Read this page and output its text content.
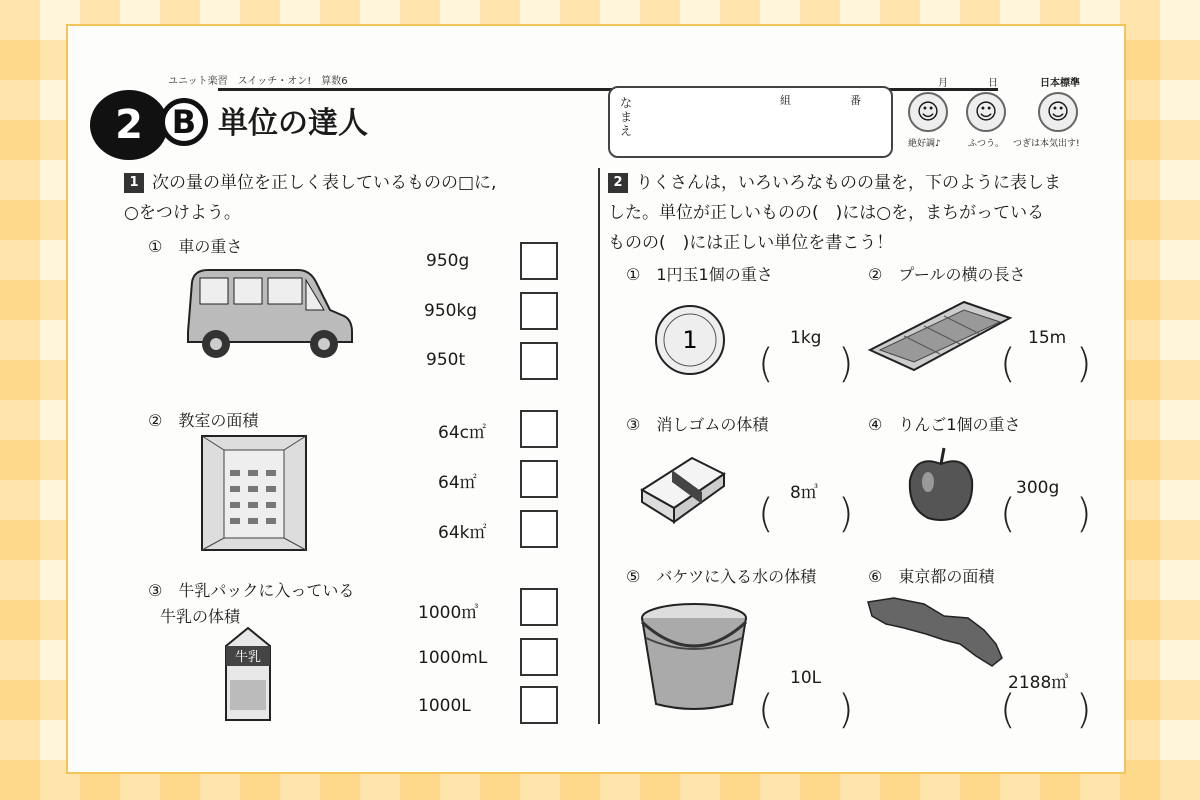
ユニット楽習　スイッチ・オン!　算数6
2 B 単位の達人
なまえ
組	番
月	日	日本標準
☺	☺	☺
絶好調♪	ふつう。 つぎは本気出す!
1 次の量の単位を正しく表しているものの□に,
○をつけよう。
①　車の重さ
950g
950kg
950t
②　教室の面積
64c㎡
64㎡
64k㎡
③　牛乳パックに入っている
牛乳の体積
牛乳
1000㎥
1000mL
1000L
2 りくさんは，いろいろなものの量を，下のように表しま
した。単位が正しいものの(　)には○を，まちがっている
ものの(　)には正しい単位を書こう！
①　1円玉1個の重さ
1	1kg
( )
②　プールの横の長さ
15m
( )
③　消しゴムの体積
8㎥
( )
④　りんご1個の重さ
300g
( )
⑤　バケツに入る水の体積
10L
( )
⑥　東京都の面積
2188㎥
( )
